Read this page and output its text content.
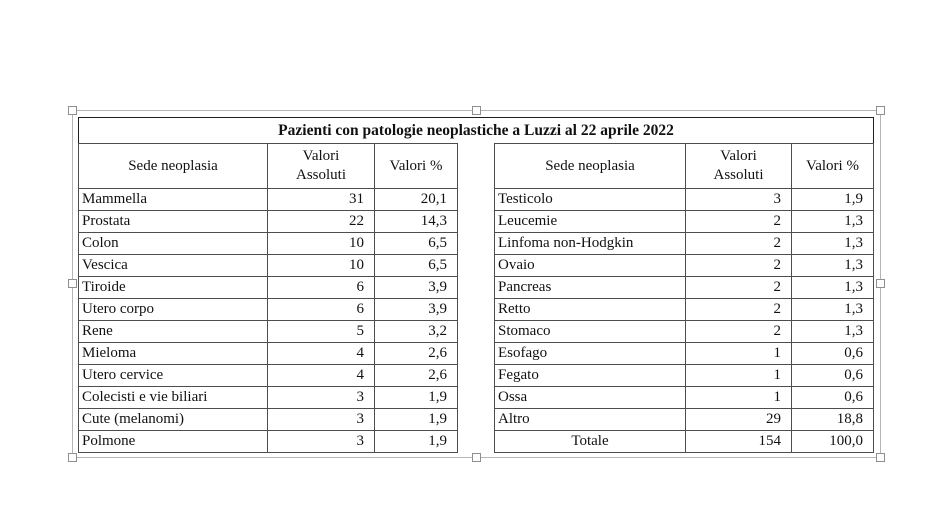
Pazienti con patologie neoplastiche a Luzzi al 22 aprile 2022
Sede neoplasia	Valori Assoluti	Valori %
Mammella	31	20,1
Prostata	22	14,3
Colon	10	6,5
Vescica	10	6,5
Tiroide	6	3,9
Utero corpo	6	3,9
Rene	5	3,2
Mieloma	4	2,6
Utero cervice	4	2,6
Colecisti e vie biliari	3	1,9
Cute (melanomi)	3	1,9
Polmone	3	1,9
Sede neoplasia	Valori Assoluti	Valori %
Testicolo	3	1,9
Leucemie	2	1,3
Linfoma non-Hodgkin	2	1,3
Ovaio	2	1,3
Pancreas	2	1,3
Retto	2	1,3
Stomaco	2	1,3
Esofago	1	0,6
Fegato	1	0,6
Ossa	1	0,6
Altro	29	18,8
Totale	154	100,0
